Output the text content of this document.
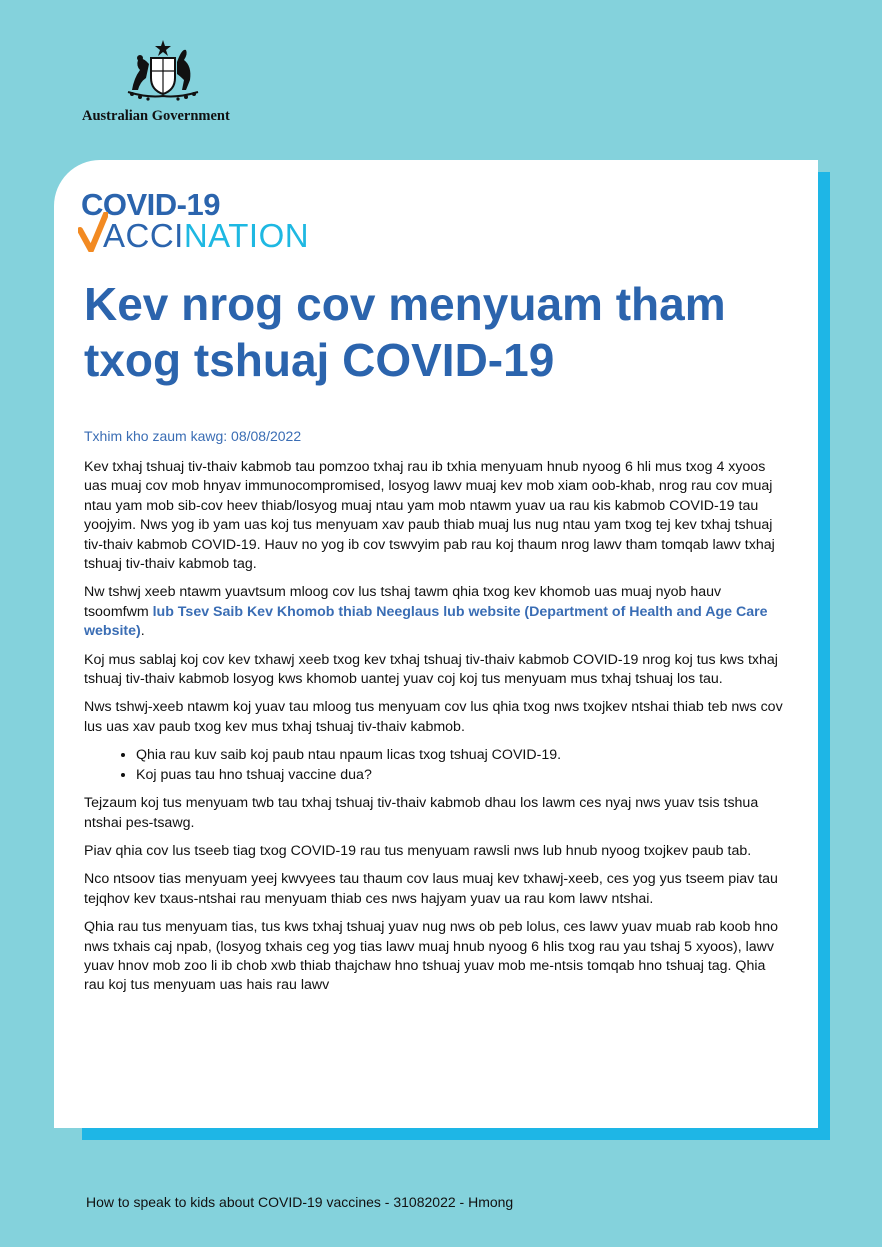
Australian Government
COVID-19
ACCINATION
Kev nrog cov menyuam tham txog tshuaj COVID-19
Txhim kho zaum kawg: 08/08/2022

Kev txhaj tshuaj tiv-thaiv kabmob tau pomzoo txhaj rau ib txhia menyuam hnub nyoog 6 hli mus txog 4 xyoos uas muaj cov mob hnyav immunocompromised, losyog lawv muaj kev mob xiam oob-khab, nrog rau cov muaj ntau yam mob sib-cov heev thiab/losyog muaj ntau yam mob ntawm yuav ua rau kis kabmob COVID-19 tau yoojyim. Nws yog ib yam uas koj tus menyuam xav paub thiab muaj lus nug ntau yam txog tej kev txhaj tshuaj tiv-thaiv kabmob COVID-19. Hauv no yog ib cov tswvyim pab rau koj thaum nrog lawv tham tomqab lawv txhaj tshuaj tiv-thaiv kabmob tag.

Nw tshwj xeeb ntawm yuavtsum mloog cov lus tshaj tawm qhia txog kev khomob uas muaj nyob hauv tsoomfwm lub Tsev Saib Kev Khomob thiab Neeglaus lub website (Department of Health and Age Care website).

Koj mus sablaj koj cov kev txhawj xeeb txog kev txhaj tshuaj tiv-thaiv kabmob COVID-19 nrog koj tus kws txhaj tshuaj tiv-thaiv kabmob losyog kws khomob uantej yuav coj koj tus menyuam mus txhaj tshuaj los tau.

Nws tshwj-xeeb ntawm koj yuav tau mloog tus menyuam cov lus qhia txog nws txojkev ntshai thiab teb nws cov lus uas xav paub txog kev mus txhaj tshuaj tiv-thaiv kabmob.

• Qhia rau kuv saib koj paub ntau npaum licas txog tshuaj COVID-19.
• Koj puas tau hno tshuaj vaccine dua?

Tejzaum koj tus menyuam twb tau txhaj tshuaj tiv-thaiv kabmob dhau los lawm ces nyaj nws yuav tsis tshua ntshai pes-tsawg.

Piav qhia cov lus tseeb tiag txog COVID-19 rau tus menyuam rawsli nws lub hnub nyoog txojkev paub tab.

Nco ntsoov tias menyuam yeej kwvyees tau thaum cov laus muaj kev txhawj-xeeb, ces yog yus tseem piav tau tejqhov kev txaus-ntshai rau menyuam thiab ces nws hajyam yuav ua rau kom lawv ntshai.

Qhia rau tus menyuam tias, tus kws txhaj tshuaj yuav nug nws ob peb lolus, ces lawv yuav muab rab koob hno nws txhais caj npab, (losyog txhais ceg yog tias lawv muaj hnub nyoog 6 hlis txog rau yau tshaj 5 xyoos), lawv yuav hnov mob zoo li ib chob xwb thiab thajchaw hno tshuaj yuav mob me-ntsis tomqab hno tshuaj tag. Qhia rau koj tus menyuam uas hais rau lawv

How to speak to kids about COVID-19 vaccines - 31082022 - Hmong
